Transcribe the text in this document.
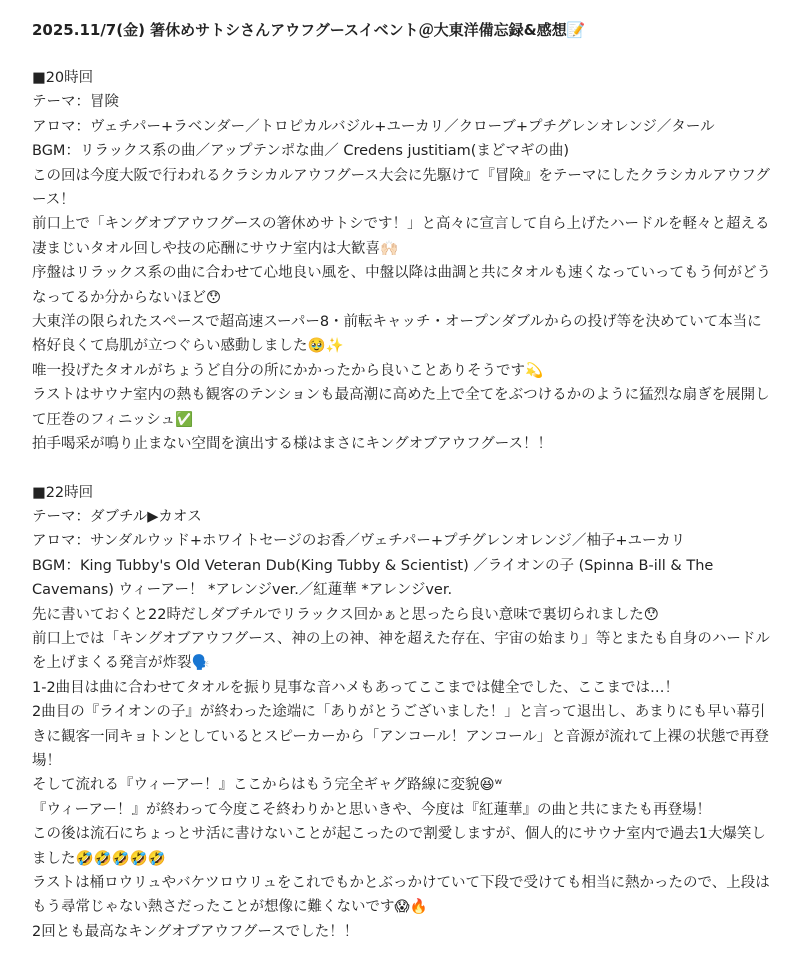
2025.11/7(金) 箸休めサトシさんアウフグースイベント＠大東洋備忘録&感想📝

■20時回

テーマ：冒険

アロマ：ヴェチパー+ラベンダー／トロピカルバジル+ユーカリ／クローブ+プチグレンオレンジ／タール

BGM：リラックス系の曲／アップテンポな曲／ Credens justitiam(まどマギの曲)

この回は今度大阪で行われるクラシカルアウフグース大会に先駆けて『冒険』をテーマにしたクラシカルアウフグース！

前口上で「キングオブアウフグースの箸休めサトシです！」と高々に宣言して自ら上げたハードルを軽々と超える凄まじいタオル回しや技の応酬にサウナ室内は大歓喜🙌🏻

序盤はリラックス系の曲に合わせて心地良い風を、中盤以降は曲調と共にタオルも速くなっていってもう何がどうなってるか分からないほど😯

大東洋の限られたスペースで超高速スーパー8・前転キャッチ・オープンダブルからの投げ等を決めていて本当に格好良くて鳥肌が立つぐらい感動しました🥹✨

唯一投げたタオルがちょうど自分の所にかかったから良いことありそうです💫

ラストはサウナ室内の熱も観客のテンションも最高潮に高めた上で全てをぶつけるかのように猛烈な扇ぎを展開して圧巻のフィニッシュ✅

拍手喝采が鳴り止まない空間を演出する様はまさにキングオブアウフグース！！

■22時回

テーマ：ダブチル▶カオス

アロマ：サンダルウッド+ホワイトセージのお香／ヴェチパー+プチグレンオレンジ／柚子+ユーカリ

BGM：King Tubby's Old Veteran Dub(King Tubby & Scientist) ／ライオンの子 (Spinna B-ill & The Cavemans) ウィーアー！ *アレンジver.／紅蓮華 *アレンジver.

先に書いておくと22時だしダブチルでリラックス回かぁと思ったら良い意味で裏切られました😯

前口上では「キングオブアウフグース、神の上の神、神を超えた存在、宇宙の始まり」等とまたも自身のハードルを上げまくる発言が炸裂🗣️

1-2曲目は曲に合わせてタオルを振り見事な音ハメもあってここまでは健全でした、ここまでは…！

2曲目の『ライオンの子』が終わった途端に「ありがとうございました！」と言って退出し、あまりにも早い幕引きに観客一同キョトンとしているとスピーカーから「アンコール！アンコール」と音源が流れて上裸の状態で再登場！

そして流れる『ウィーアー！』ここからはもう完全ギャグ路線に変貌😆ʷ

『ウィーアー！』が終わって今度こそ終わりかと思いきや、今度は『紅蓮華』の曲と共にまたも再登場！

この後は流石にちょっとサ活に書けないことが起こったので割愛しますが、個人的にサウナ室内で過去1大爆笑しました🤣🤣🤣🤣🤣

ラストは桶ロウリュやバケツロウリュをこれでもかとぶっかけていて下段で受けても相当に熱かったので、上段はもう尋常じゃない熱さだったことが想像に難くないです😱🔥

2回とも最高なキングオブアウフグースでした！！
